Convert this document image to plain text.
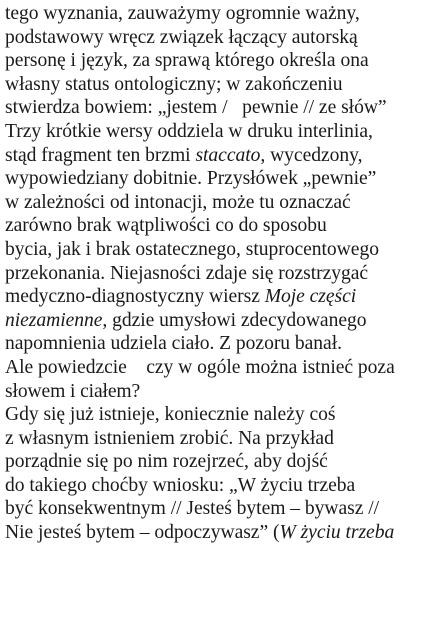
tego wyznania, zauważymy ogromnie ważny,
podstawowy wręcz związek łączący autorską
personę i język, za sprawą którego określa ona
własny status ontologiczny; w zakończeniu
stwierdza bowiem: „jestem /   pewnie // ze słów”
Trzy krótkie wersy oddziela w druku interlinia,
stąd fragment ten brzmi staccato, wycedzony,
wypowiedziany dobitnie. Przysłówek „pewnie”
w zależności od intonacji, może tu oznaczać
zarówno brak wątpliwości co do sposobu
bycia, jak i brak ostatecznego, stuprocentowego
przekonania. Niejasności zdaje się rozstrzygać
medyczno-diagnostyczny wiersz Moje części
niezamienne, gdzie umysłowi zdecydowanego
napomnienia udziela ciało. Z pozoru banał.
Ale powiedzcie    czy w ogóle można istnieć poza
słowem i ciałem?
Gdy się już istnieje, koniecznie należy coś
z własnym istnieniem zrobić. Na przykład
porządnie się po nim rozejrzeć, aby dojść
do takiego choćby wniosku: „W życiu trzeba
być konsekwentnym // Jesteś bytem – bywasz //
Nie jesteś bytem – odpoczywasz” (W życiu trzeba
